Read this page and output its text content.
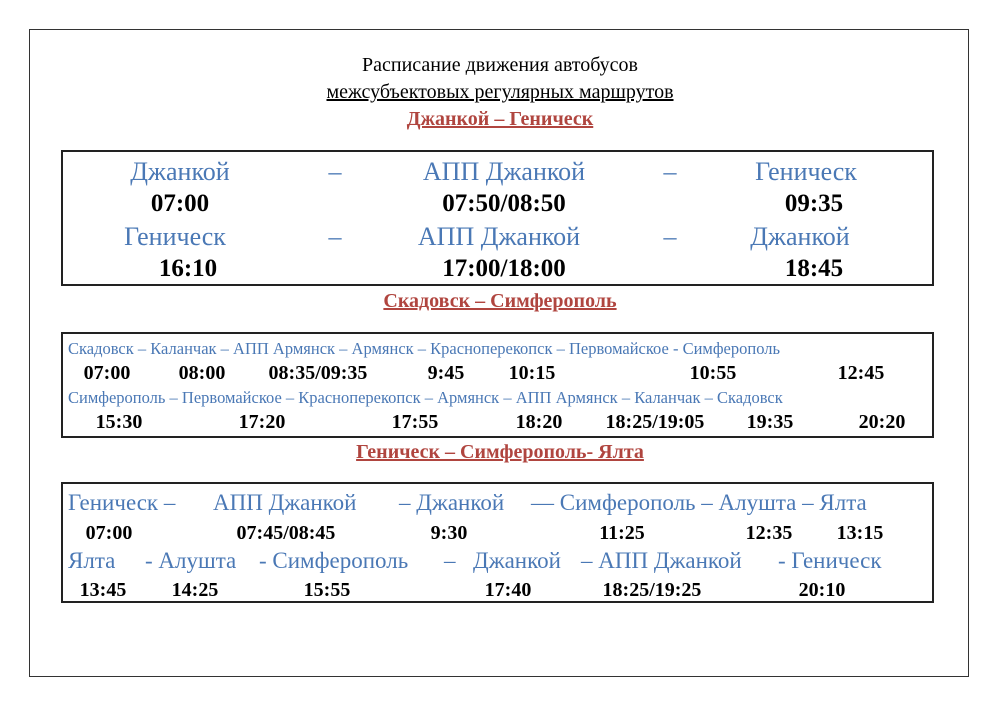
Расписание движения автобусов
межсубъектовых регулярных маршрутов
Джанкой – Геническ
Джанкой	–	АПП Джанкой	–	Геническ
07:00	07:50/08:50	09:35
Геническ	–	АПП Джанкой	–	Джанкой
16:10	17:00/18:00	18:45
Скадовск – Симферополь
Скадовск – Каланчак – АПП Армянск – Армянск – Красноперекопск – Первомайское - Симферополь
07:00 08:00 08:35/09:35	9:45 10:15	10:55	12:45
Симферополь – Первомайское – Красноперекопск – Армянск – АПП Армянск – Каланчак – Скадовск
15:30	17:20	17:55	18:20 18:25/19:05 19:35	20:20
Геническ – Симферополь- Ялта
Геническ – АПП Джанкой – Джанкой — Симферополь – Алушта – Ялта
07:00	07:45/08:45	9:30	11:25	12:35 13:15
Ялта - Алушта - Симферополь – Джанкой – АПП Джанкой - Геническ
13:45 14:25	15:55	17:40	18:25/19:25	20:10
